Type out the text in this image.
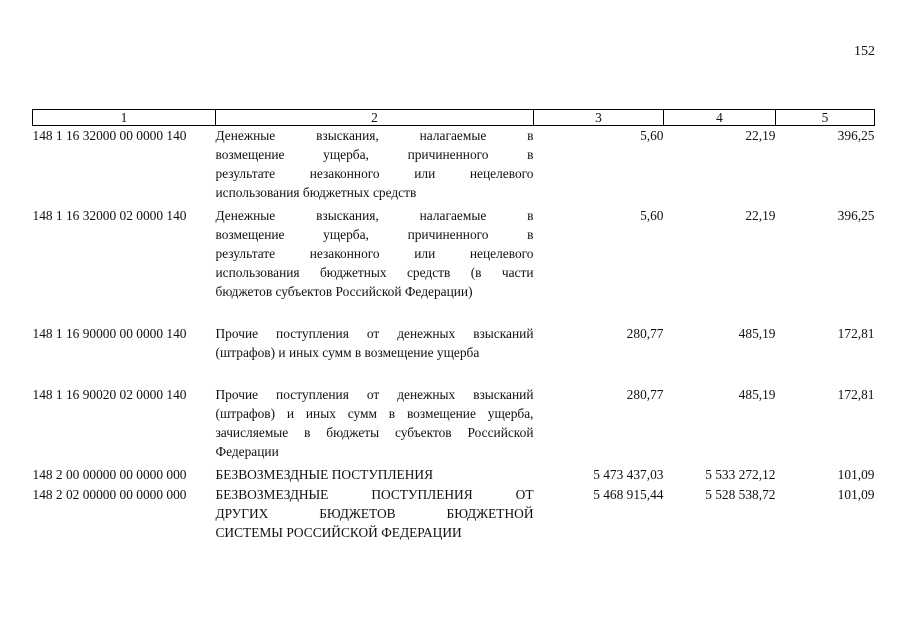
152
1	2	3	4	5
148 1 16 32000 00 0000 140	Денежные взыскания, налагаемые в
возмещение ущерба, причиненного в
результате незаконного или нецелевого
использования бюджетных средств	5,60	22,19	396,25
148 1 16 32000 02 0000 140	Денежные взыскания, налагаемые в
возмещение ущерба, причиненного в
результате незаконного или нецелевого
использования бюджетных средств (в части
бюджетов субъектов Российской Федерации)	5,60	22,19	396,25
148 1 16 90000 00 0000 140	Прочие поступления от денежных взысканий
(штрафов) и иных сумм в возмещение ущерба	280,77	485,19	172,81
148 1 16 90020 02 0000 140	Прочие поступления от денежных взысканий
(штрафов) и иных сумм в возмещение ущерба,
зачисляемые в бюджеты субъектов Российской
Федерации	280,77	485,19	172,81
148 2 00 00000 00 0000 000	БЕЗВОЗМЕЗДНЫЕ ПОСТУПЛЕНИЯ	5 473 437,03	5 533 272,12	101,09
148 2 02 00000 00 0000 000	БЕЗВОЗМЕЗДНЫЕ ПОСТУПЛЕНИЯ ОТ
ДРУГИХ БЮДЖЕТОВ БЮДЖЕТНОЙ
СИСТЕМЫ РОССИЙСКОЙ ФЕДЕРАЦИИ	5 468 915,44	5 528 538,72	101,09
